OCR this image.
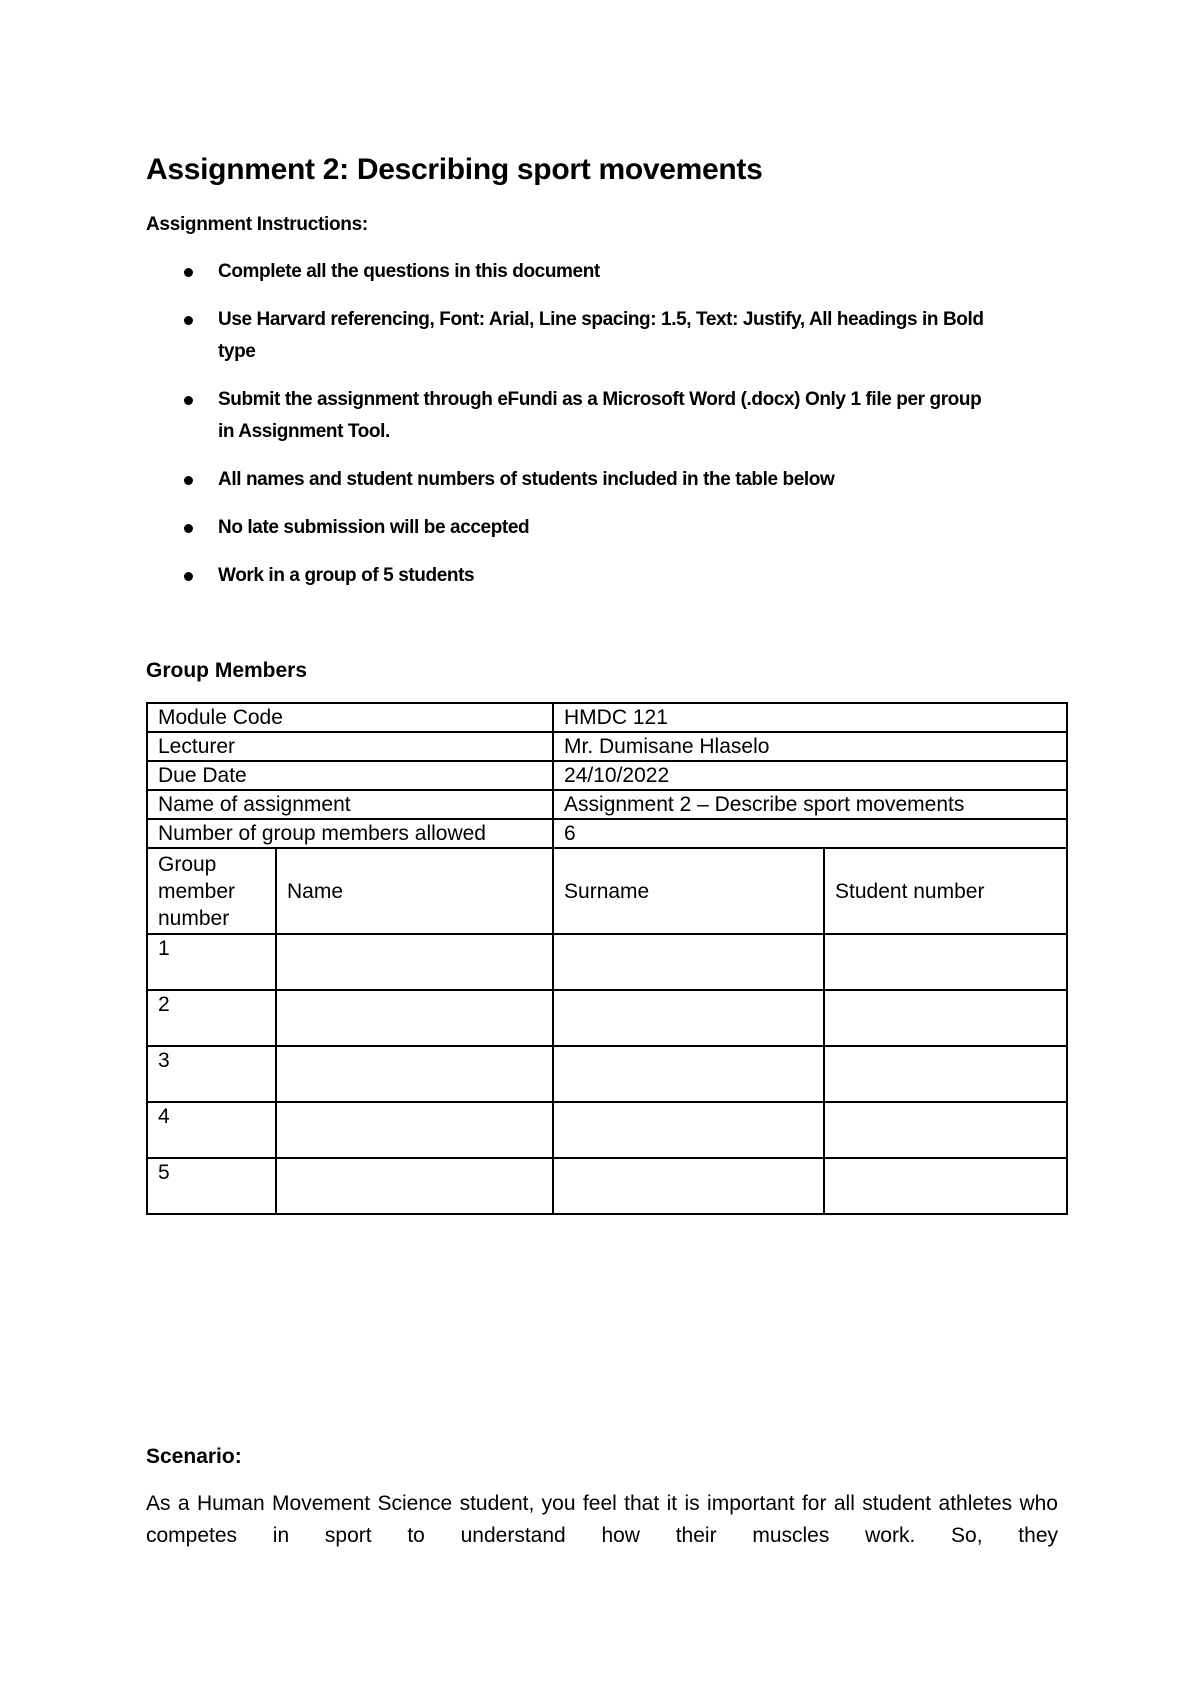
Assignment 2: Describing sport movements
Assignment Instructions:
Complete all the questions in this document
Use Harvard referencing, Font: Arial, Line spacing: 1.5, Text: Justify, All headings in Bold type
Submit the assignment through eFundi as a Microsoft Word (.docx) Only 1 file per group in Assignment Tool.
All names and student numbers of students included in the table below
No late submission will be accepted
Work in a group of 5 students
Group Members
Module Code		HMDC 121	
Lecturer		Mr. Dumisane Hlaselo	
Due Date		24/10/2022	
Name of assignment		Assignment 2 – Describe sport movements	
Number of group members allowed		6	
Group member number	Name	Surname	Student number
1			
2			
3			
4			
5			
Scenario:

As a Human Movement Science student, you feel that it is important for all student athletes who competes in sport to understand how their muscles work. So, they
